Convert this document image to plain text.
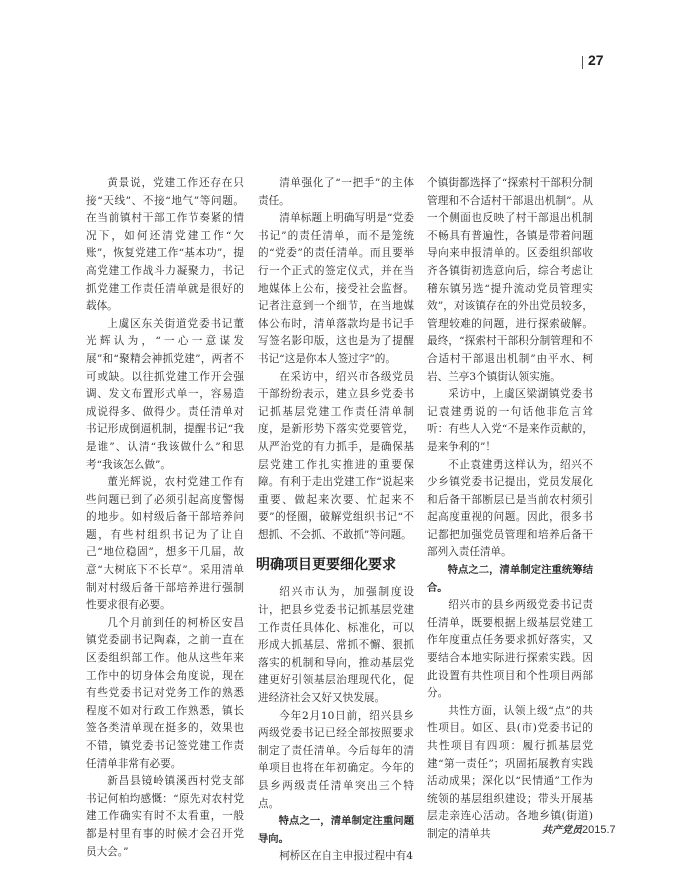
27

黄景说，党建工作还存在只接“天线”、不接“地气”等问题。在当前镇村干部工作节奏紧的情况下，如何还清党建工作“欠账”，恢复党建工作“基本功”，提高党建工作战斗力凝聚力，书记抓党建工作责任清单就是很好的载体。

上虞区东关街道党委书记董光辉认为，“一心一意谋发展”和“聚精会神抓党建”，两者不可或缺。以往抓党建工作开会强调、发文布置形式单一，容易造成说得多、做得少。责任清单对书记形成倒逼机制，提醒书记“我是谁”、认清“我该做什么”和思考“我该怎么做”。

董光辉说，农村党建工作有些问题已到了必须引起高度警惕的地步。如村级后备干部培养问题，有些村组织书记为了让自己“地位稳固”，想多干几届，故意“大树底下不长草”。采用清单制对村级后备干部培养进行强制性要求很有必要。

几个月前到任的柯桥区安昌镇党委副书记陶森，之前一直在区委组织部工作。他从这些年来工作中的切身体会角度说，现在有些党委书记对党务工作的熟悉程度不如对行政工作熟悉，镇长签各类清单现在挺多的，效果也不错，镇党委书记签党建工作责任清单非常有必要。

新昌县镜岭镇溪西村党支部书记何柏均感慨：“原先对农村党建工作确实有时不太看重，一般都是村里有事的时候才会召开党员大会。”

清单强化了“一把手”的主体责任。

清单标题上明确写明是“党委书记”的责任清单，而不是笼统的“党委”的责任清单。而且要举行一个正式的签定仪式，并在当地媒体上公布，接受社会监督。记者注意到一个细节，在当地媒体公布时，清单落款均是书记手写签名影印版，这也是为了提醒书记“这是你本人签过字”的。

在采访中，绍兴市各级党员干部纷纷表示，建立县乡党委书记抓基层党建工作责任清单制度，是新形势下落实党要管党，从严治党的有力抓手，是确保基层党建工作扎实推进的重要保障。有利于走出党建工作“说起来重要、做起来次要、忙起来不要”的怪圈，破解党组织书记“不想抓、不会抓、不敢抓”等问题。

明确项目更要细化要求

绍兴市认为，加强制度设计，把县乡党委书记抓基层党建工作责任具体化、标准化，可以形成大抓基层、常抓不懈、狠抓落实的机制和导向，推动基层党建更好引领基层治理现代化，促进经济社会又好又快发展。

今年2月10日前，绍兴县乡两级党委书记已经全部按照要求制定了责任清单。今后每年的清单项目也将在年初确定。今年的县乡两级责任清单突出三个特点。

特点之一，清单制定注重问题导向。

柯桥区在自主申报过程中有4

个镇街都选择了“探索村干部积分制管理和不合适村干部退出机制”。从一个侧面也反映了村干部退出机制不畅具有普遍性，各镇是带着问题导向来申报清单的。区委组织部收齐各镇街初选意向后，综合考虑让稽东镇另选“提升流动党员管理实效”，对该镇存在的外出党员较多，管理较难的问题，进行探索破解。最终，“探索村干部积分制管理和不合适村干部退出机制”由平水、柯岩、兰亭3个镇街认领实施。

采访中，上虞区梁湖镇党委书记袁建勇说的一句话他非危言耸听：有些人入党“不是来作贡献的，是来争利的”！

不止袁建勇这样认为，绍兴不少乡镇党委书记提出，党员发展化和后备干部断层已是当前农村须引起高度重视的问题。因此，很多书记都把加强党员管理和培养后备干部列入责任清单。

特点之二，清单制定注重统筹结合。

绍兴市的县乡两级党委书记责任清单，既要根据上级基层党建工作年度重点任务要求抓好落实，又要结合本地实际进行探索实践。因此设置有共性项目和个性项目两部分。

共性方面，认领上级“点”的共性项目。如区、县(市)党委书记的共性项目有四项：履行抓基层党建“第一责任”；巩固拓展教育实践活动成果；深化以“民情通”工作为统领的基层组织建设；带头开展基层走亲连心活动。各地乡镇(街道)制定的清单共	共产党员2015.7
